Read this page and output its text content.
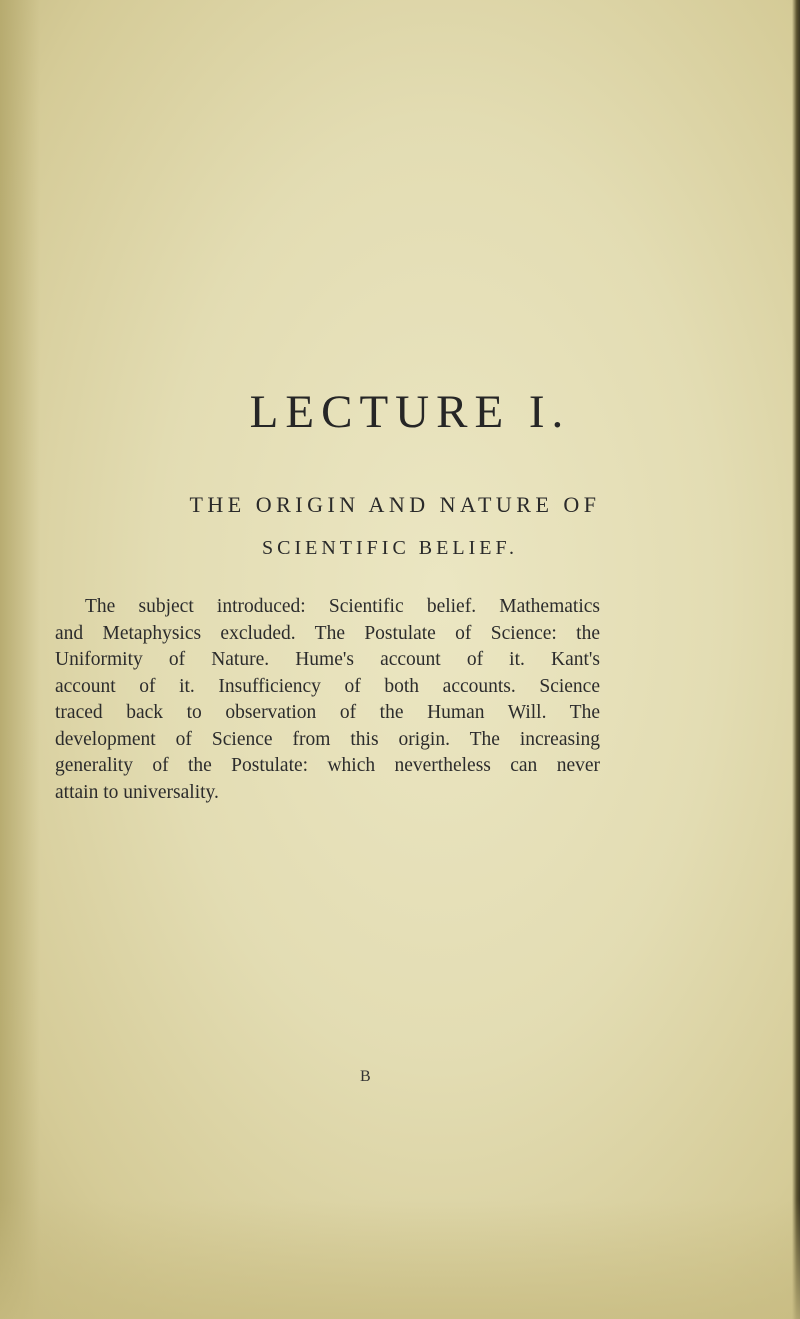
LECTURE I.
THE ORIGIN AND NATURE OF
SCIENTIFIC BELIEF.

The subject introduced: Scientific belief. Mathematics
and Metaphysics excluded. The Postulate of Science: the
Uniformity of Nature. Hume's account of it. Kant's
account of it. Insufficiency of both accounts. Science
traced back to observation of the Human Will. The
development of Science from this origin. The increasing
generality of the Postulate: which nevertheless can never
attain to universality.

B
